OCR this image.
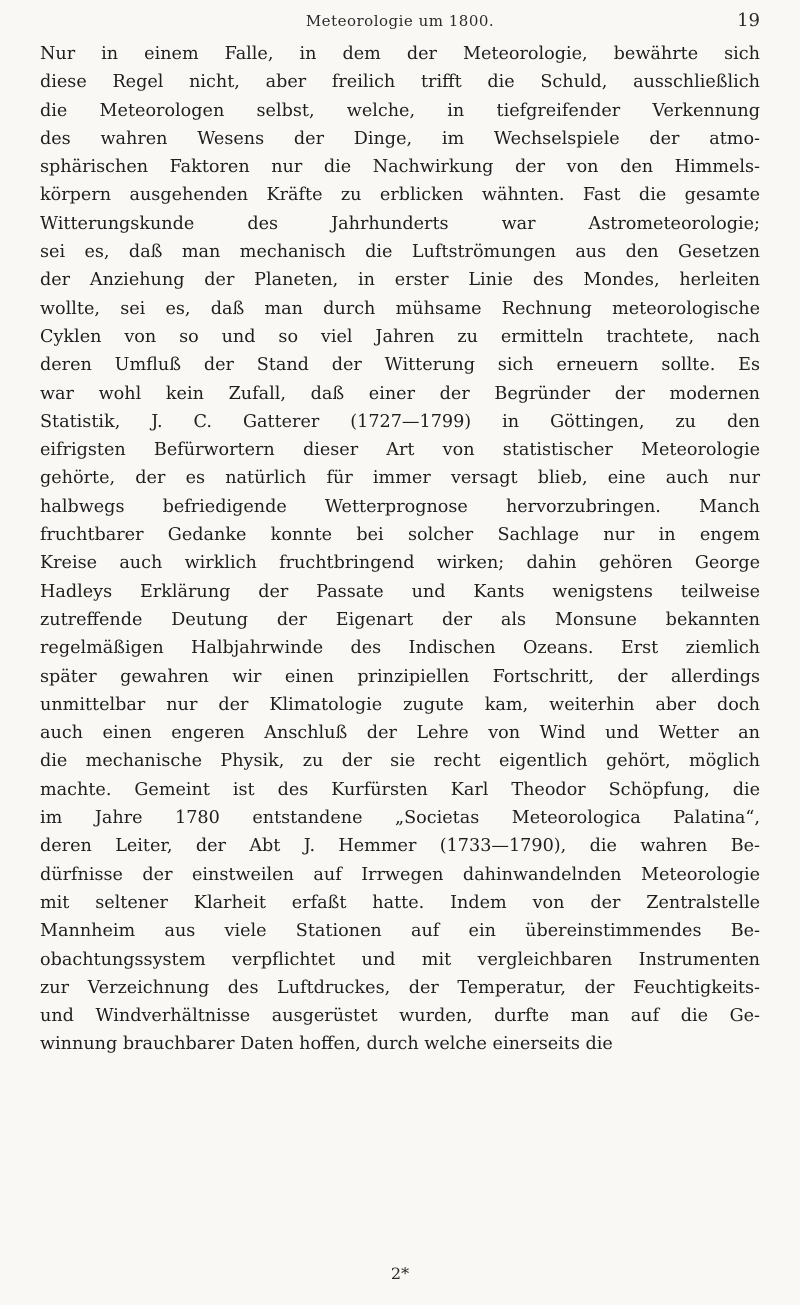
Meteorologie um 1800.	19
Nur in einem Falle, in dem der Meteorologie, bewährte sich
diese Regel nicht, aber freilich trifft die Schuld, ausschließlich
die Meteorologen selbst, welche, in tiefgreifender Verkennung
des wahren Wesens der Dinge, im Wechselspiele der atmo-
sphärischen Faktoren nur die Nachwirkung der von den Himmels-
körpern ausgehenden Kräfte zu erblicken wähnten. Fast die gesamte
Witterungskunde des Jahrhunderts war Astrometeorologie;
sei es, daß man mechanisch die Luftströmungen aus den Gesetzen
der Anziehung der Planeten, in erster Linie des Mondes, herleiten
wollte, sei es, daß man durch mühsame Rechnung meteorologische
Cyklen von so und so viel Jahren zu ermitteln trachtete, nach
deren Umfluß der Stand der Witterung sich erneuern sollte. Es
war wohl kein Zufall, daß einer der Begründer der modernen
Statistik, J. C. Gatterer (1727—1799) in Göttingen, zu den
eifrigsten Befürwortern dieser Art von statistischer Meteorologie
gehörte, der es natürlich für immer versagt blieb, eine auch nur
halbwegs befriedigende Wetterprognose hervorzubringen. Manch
fruchtbarer Gedanke konnte bei solcher Sachlage nur in engem
Kreise auch wirklich fruchtbringend wirken; dahin gehören George
Hadleys Erklärung der Passate und Kants wenigstens teilweise
zutreffende Deutung der Eigenart der als Monsune bekannten
regelmäßigen Halbjahrwinde des Indischen Ozeans. Erst ziemlich
später gewahren wir einen prinzipiellen Fortschritt, der allerdings
unmittelbar nur der Klimatologie zugute kam, weiterhin aber doch
auch einen engeren Anschluß der Lehre von Wind und Wetter an
die mechanische Physik, zu der sie recht eigentlich gehört, möglich
machte. Gemeint ist des Kurfürsten Karl Theodor Schöpfung, die
im Jahre 1780 entstandene „Societas Meteorologica Palatina“,
deren Leiter, der Abt J. Hemmer (1733—1790), die wahren Be-
dürfnisse der einstweilen auf Irrwegen dahinwandelnden Meteorologie
mit seltener Klarheit erfaßt hatte. Indem von der Zentralstelle
Mannheim aus viele Stationen auf ein übereinstimmendes Be-
obachtungssystem verpflichtet und mit vergleichbaren Instrumenten
zur Verzeichnung des Luftdruckes, der Temperatur, der Feuchtigkeits-
und Windverhältnisse ausgerüstet wurden, durfte man auf die Ge-
winnung brauchbarer Daten hoffen, durch welche einerseits die
2*
